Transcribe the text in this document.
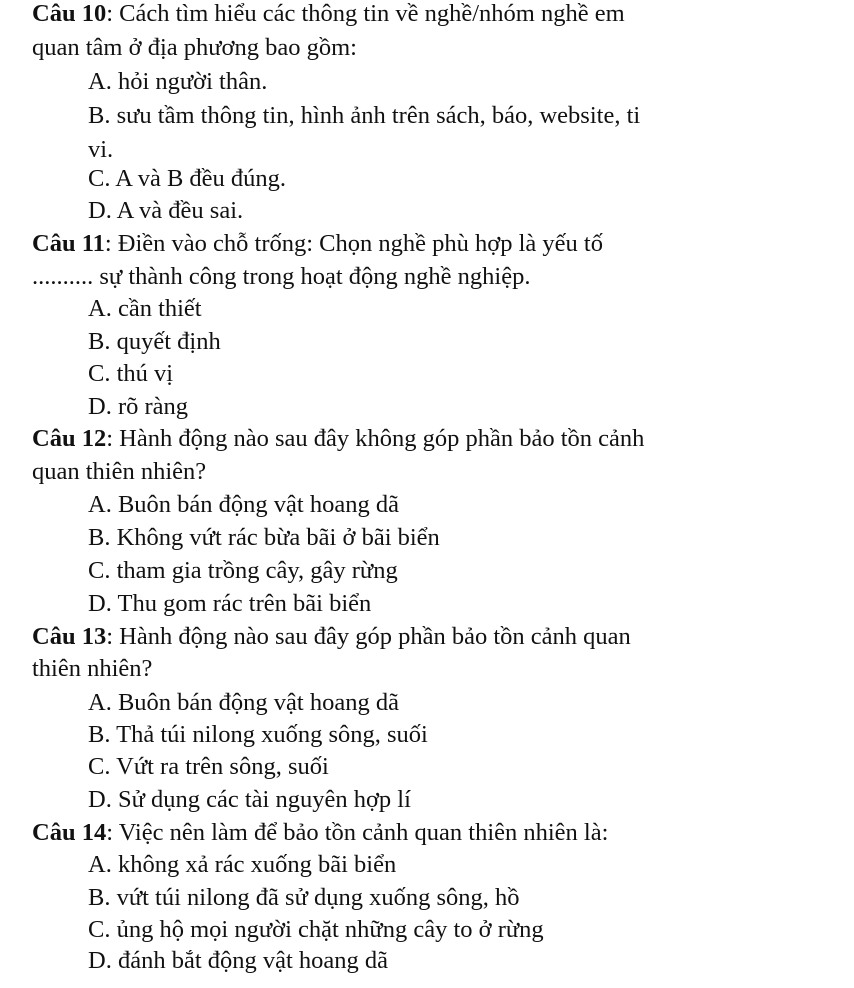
Câu 10: Cách tìm hiểu các thông tin về nghề/nhóm nghề em
quan tâm ở địa phương bao gồm:
A. hỏi người thân.
B. sưu tầm thông tin, hình ảnh trên sách, báo, website, ti
vi.
C. A và B đều đúng.
D. A và đều sai.
Câu 11: Điền vào chỗ trống: Chọn nghề phù hợp là yếu tố
.......... sự thành công trong hoạt động nghề nghiệp.
A. cần thiết
B. quyết định
C. thú vị
D. rõ ràng
Câu 12: Hành động nào sau đây không góp phần bảo tồn cảnh
quan thiên nhiên?
A. Buôn bán động vật hoang dã
B. Không vứt rác bừa bãi ở bãi biển
C. tham gia trồng cây, gây rừng
D. Thu gom rác trên bãi biển
Câu 13: Hành động nào sau đây góp phần bảo tồn cảnh quan
thiên nhiên?
A. Buôn bán động vật hoang dã
B. Thả túi nilong xuống sông, suối
C. Vứt ra trên sông, suối
D. Sử dụng các tài nguyên hợp lí
Câu 14: Việc nên làm để bảo tồn cảnh quan thiên nhiên là:
A. không xả rác xuống bãi biển
B. vứt túi nilong đã sử dụng xuống sông, hồ
C. ủng hộ mọi người chặt những cây to ở rừng
D. đánh bắt động vật hoang dã
